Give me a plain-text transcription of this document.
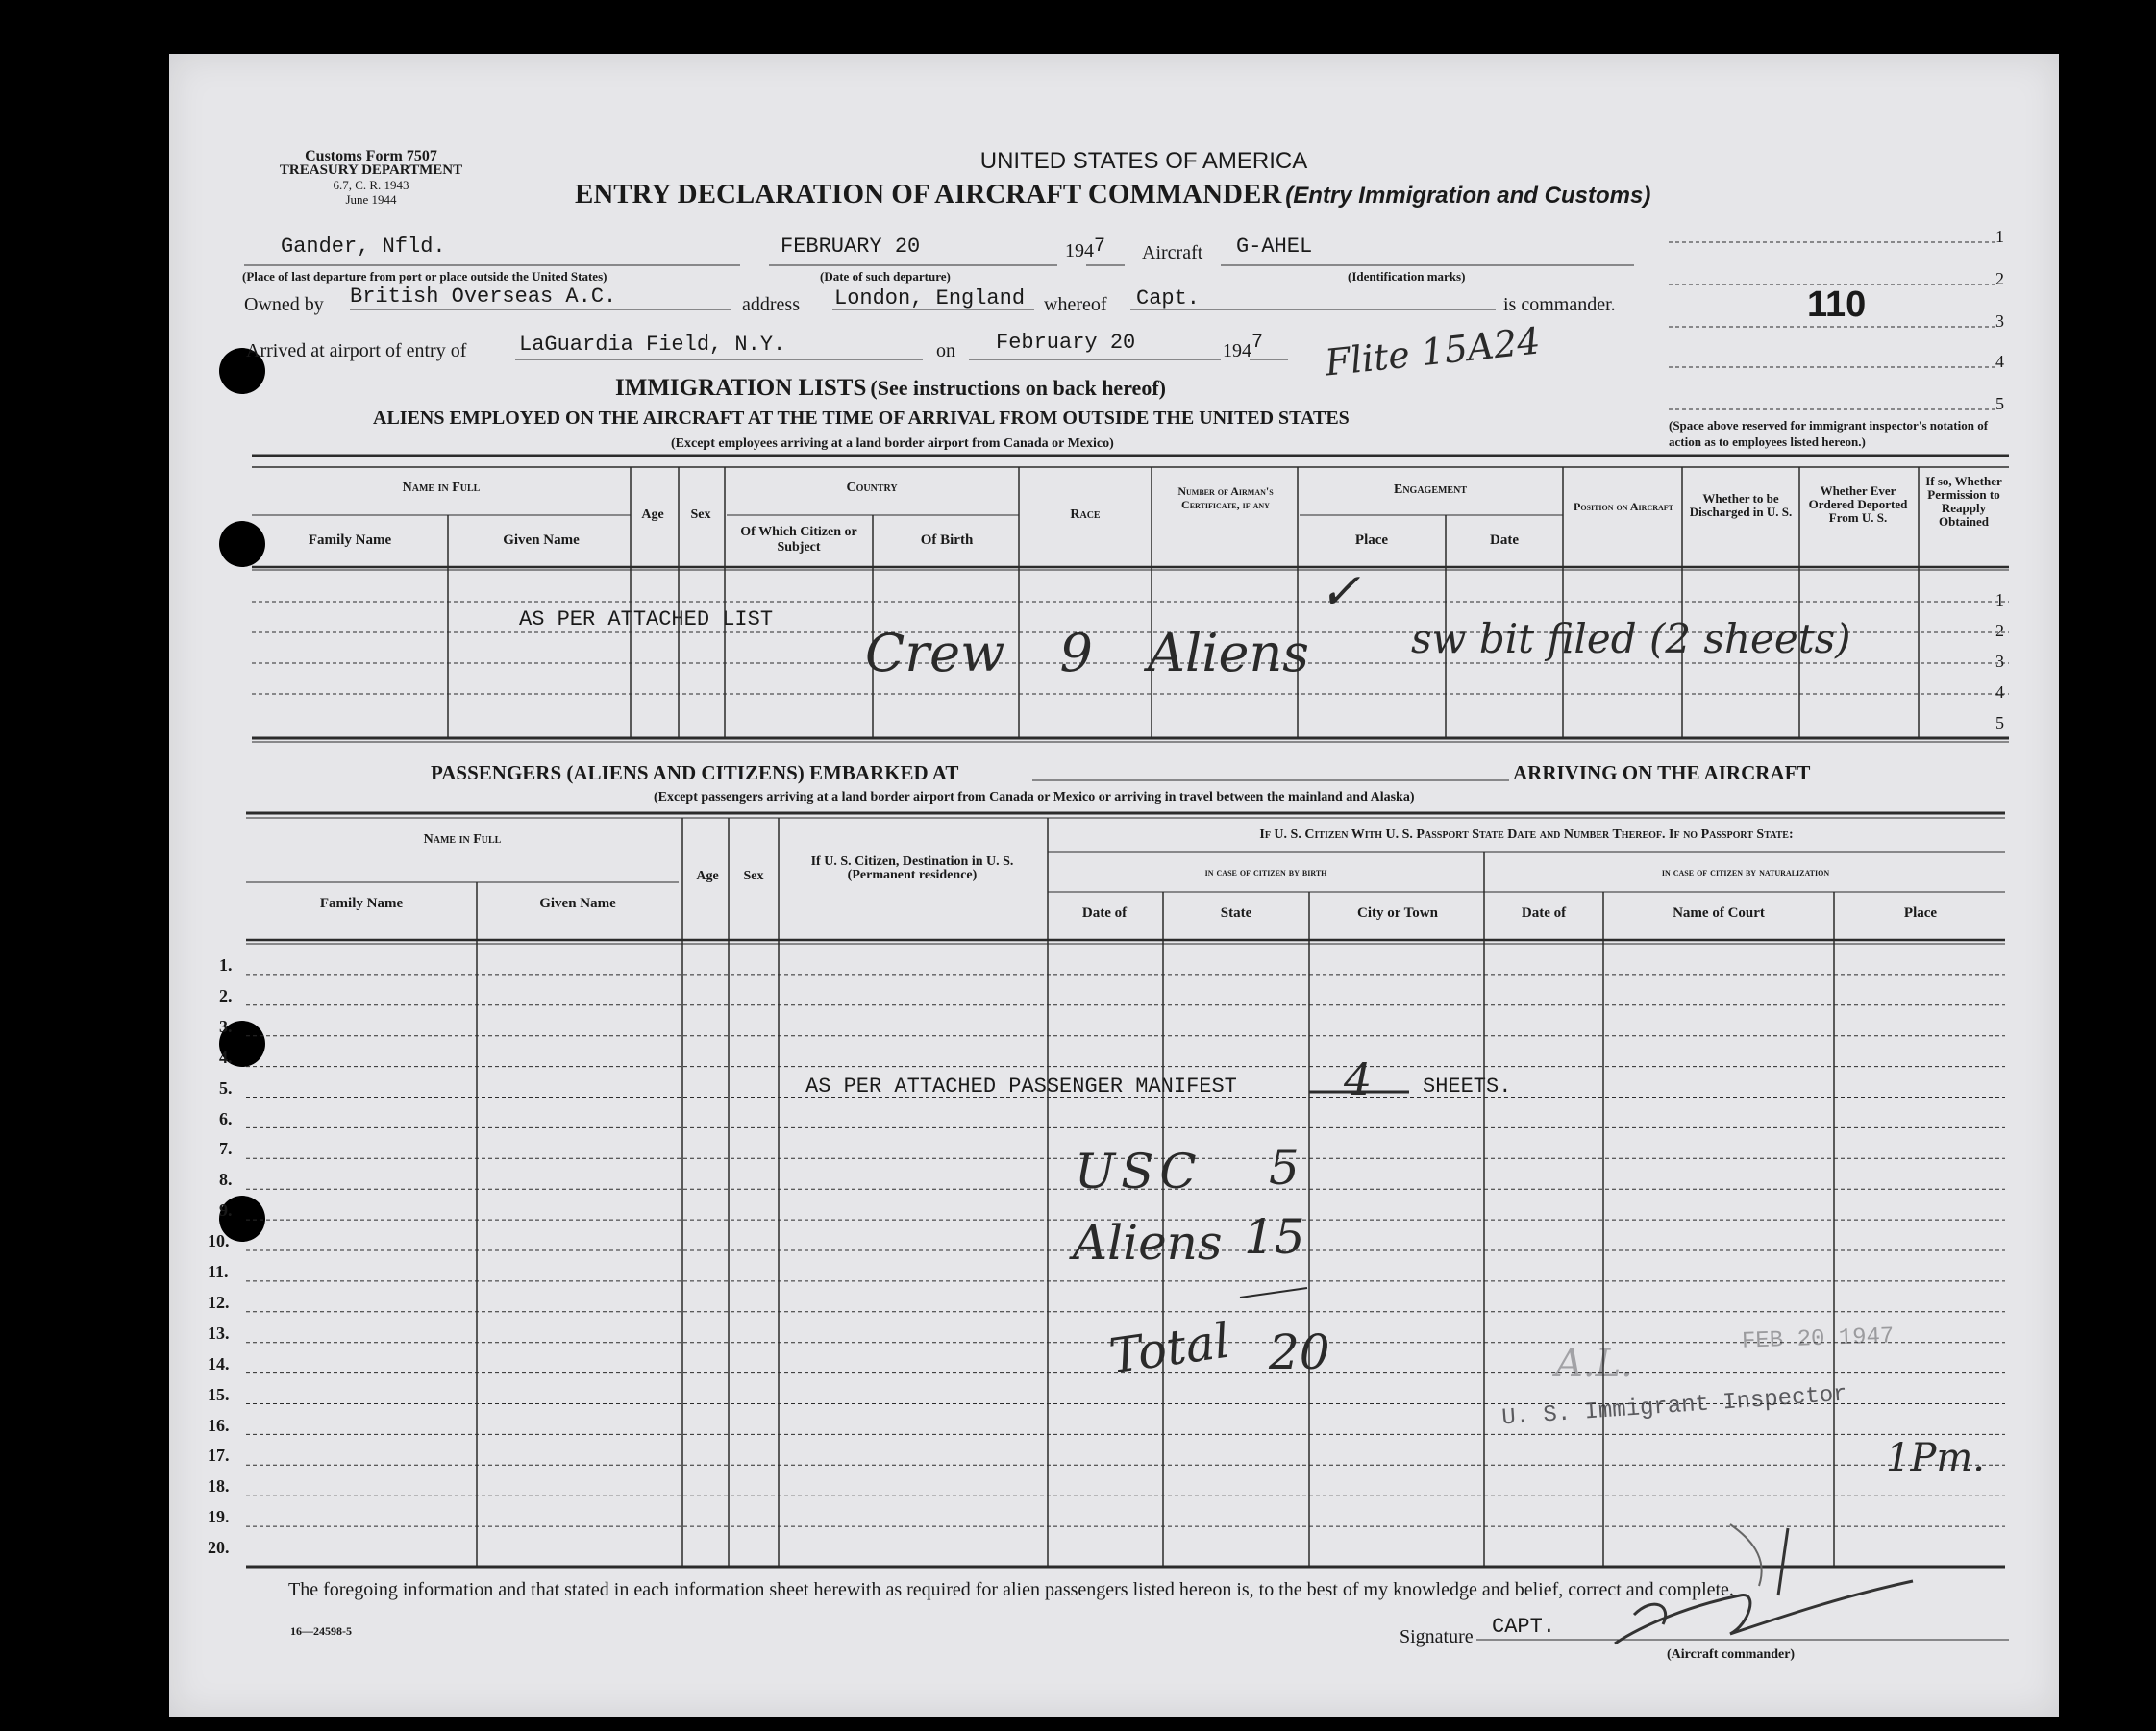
Customs Form 7507
TREASURY DEPARTMENT
6.7, C. R. 1943
June 1944
UNITED STATES OF AMERICA
ENTRY DECLARATION OF AIRCRAFT COMMANDER (Entry Immigration and Customs)
Gander, Nfld.
(Place of last departure from port or place outside the United States)
FEBRUARY 20
(Date of such departure)
1947 Aircraft G-AHEL
(Identification marks)
Owned by British Overseas A.C.	address London, England whereof Capt.	is commander.
Arrived at airport of entry of LaGuardia Field, N.Y.	on February 20	1947 Flite 15A24
110
(Space above reserved for immigrant inspector's notation of action as to employees listed hereon.)
IMMIGRATION LISTS (See instructions on back hereof)
ALIENS EMPLOYED ON THE AIRCRAFT AT THE TIME OF ARRIVAL FROM OUTSIDE THE UNITED STATES
(Except employees arriving at a land border airport from Canada or Mexico)
Name in Full
Family Name	Given Name
Age	Sex
Country
Of Which Citizen or Subject	Of Birth
Race
Number of Airman's Certificate, if any
Engagement
Place	Date
Position on Aircraft
Whether to be Discharged in U. S.
Whether Ever Ordered Deported From U. S.
If so, Whether Permission to Reapply Obtained
1
2
3
4
5
AS PER ATTACHED LIST
Crew 9 Aliens
✓
sw bit filed (2 sheets)
PASSENGERS (ALIENS AND CITIZENS) EMBARKED AT	ARRIVING ON THE AIRCRAFT
(Except passengers arriving at a land border airport from Canada or Mexico or arriving in travel between the mainland and Alaska)
Name in Full
Family Name	Given Name
Age	Sex
If U. S. Citizen, Destination in U. S. (Permanent residence)
If U. S. Citizen With U. S. Passport State Date and Number Thereof. If no Passport State:
in case of citizen by birth	in case of citizen by naturalization
Date of	State	City or Town	Date of	Name of Court	Place
1.
2.
3.
4.
5.
6.
7.
8.
9.
10.
11.
12.
13.
14.
15.
16.
17.
18.
19.
20.
1
2
3
4
5
AS PER ATTACHED PASSENGER MANIFEST 4 SHEETS.
USC 5
Aliens 15
Total 20	FEB 20 1947
A.L.
U. S. Immigrant Inspector
1Pm.
The foregoing information and that stated in each information sheet herewith as required for alien passengers listed hereon is, to the best of my knowledge and belief, correct and complete.
16—24598-5	Signature CAPT.
(Aircraft commander)
